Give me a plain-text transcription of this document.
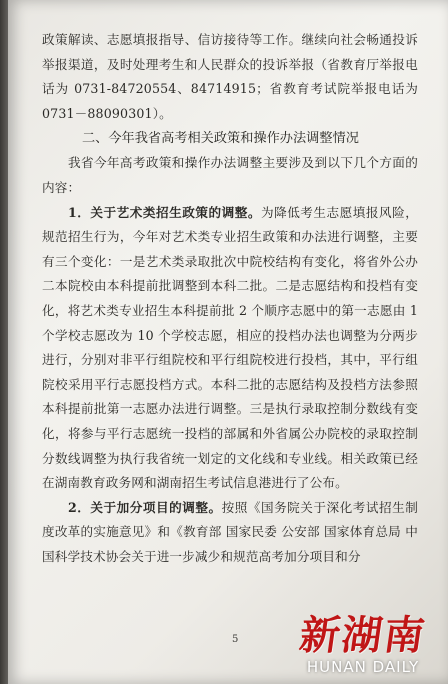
政策解读、志愿填报指导、信访接待等工作。继续向社会畅通投诉举报渠道，及时处理考生和人民群众的投诉举报（省教育厅举报电话为 0731-84720554、84714915；省教育考试院举报电话为 0731－88090301）。

二、今年我省高考相关政策和操作办法调整情况

我省今年高考政策和操作办法调整主要涉及到以下几个方面的内容：

1．关于艺术类招生政策的调整。为降低考生志愿填报风险，规范招生行为，今年对艺术类专业招生政策和办法进行调整，主要有三个变化：一是艺术类录取批次中院校结构有变化，将省外公办二本院校由本科提前批调整到本科二批。二是志愿结构和投档有变化，将艺术类专业招生本科提前批 2 个顺序志愿中的第一志愿由 1 个学校志愿改为 10 个学校志愿，相应的投档办法也调整为分两步进行，分别对非平行组院校和平行组院校进行投档，其中，平行组院校采用平行志愿投档方式。本科二批的志愿结构及投档方法参照本科提前批第一志愿办法进行调整。三是执行录取控制分数线有变化，将参与平行志愿统一投档的部属和外省属公办院校的录取控制分数线调整为执行我省统一划定的文化线和专业线。相关政策已经在湖南教育政务网和湖南招生考试信息港进行了公布。

2．关于加分项目的调整。按照《国务院关于深化考试招生制度改革的实施意见》和《教育部 国家民委 公安部 国家体育总局 中国科学技术协会关于进一步减少和规范高考加分项目和分

5 新湖南
HUNAN DAILY
